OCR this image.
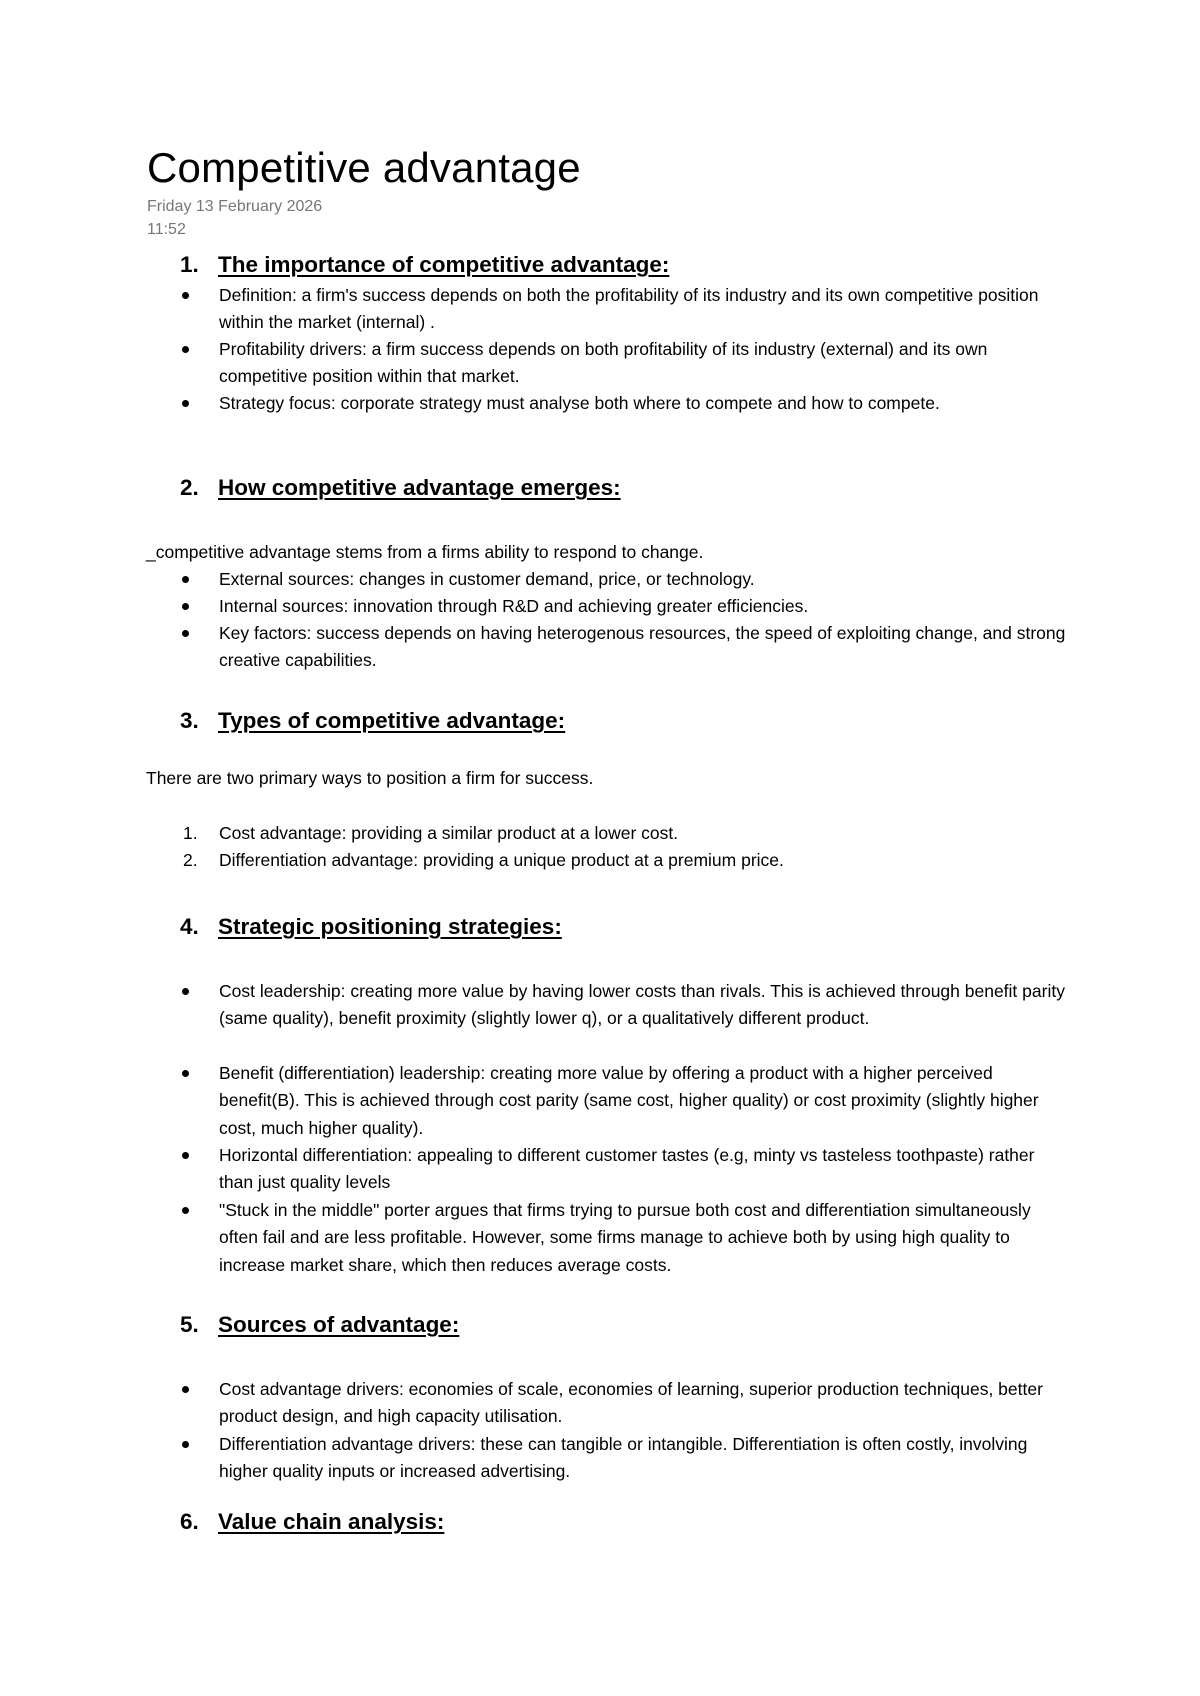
Competitive advantage
Friday 13 February 2026
11:52
1. The importance of competitive advantage:
Definition: a firm's success depends on both the profitability of its industry and its own competitive position within the market (internal) .
Profitability drivers: a firm success depends on both profitability of its industry (external) and its own competitive position within that market.
Strategy focus: corporate strategy must analyse both where to compete and how to compete.
2. How competitive advantage emerges:

_competitive advantage stems from a firms ability to respond to change.

External sources: changes in customer demand, price, or technology.
Internal sources: innovation through R&D and achieving greater efficiencies.
Key factors: success depends on having heterogenous resources, the speed of exploiting change, and strong creative capabilities.
3. Types of competitive advantage:

There are two primary ways to position a firm for success.

1. Cost advantage: providing a similar product at a lower cost.
2. Differentiation advantage: providing a unique product at a premium price.
4. Strategic positioning strategies:
Cost leadership: creating more value by having lower costs than rivals. This is achieved through benefit parity (same quality), benefit proximity (slightly lower q), or a qualitatively different product.
Benefit (differentiation) leadership: creating more value by offering a product with a higher perceived benefit(B). This is achieved through cost parity (same cost, higher quality) or cost proximity (slightly higher cost, much higher quality).
Horizontal differentiation: appealing to different customer tastes (e.g, minty vs tasteless toothpaste) rather than just quality levels
"Stuck in the middle" porter argues that firms trying to pursue both cost and differentiation simultaneously often fail and are less profitable. However, some firms manage to achieve both by using high quality to increase market share, which then reduces average costs.
5. Sources of advantage:
Cost advantage drivers: economies of scale, economies of learning, superior production techniques, better product design, and high capacity utilisation.
Differentiation advantage drivers: these can tangible or intangible. Differentiation is often costly, involving higher quality inputs or increased advertising.
6. Value chain analysis:
